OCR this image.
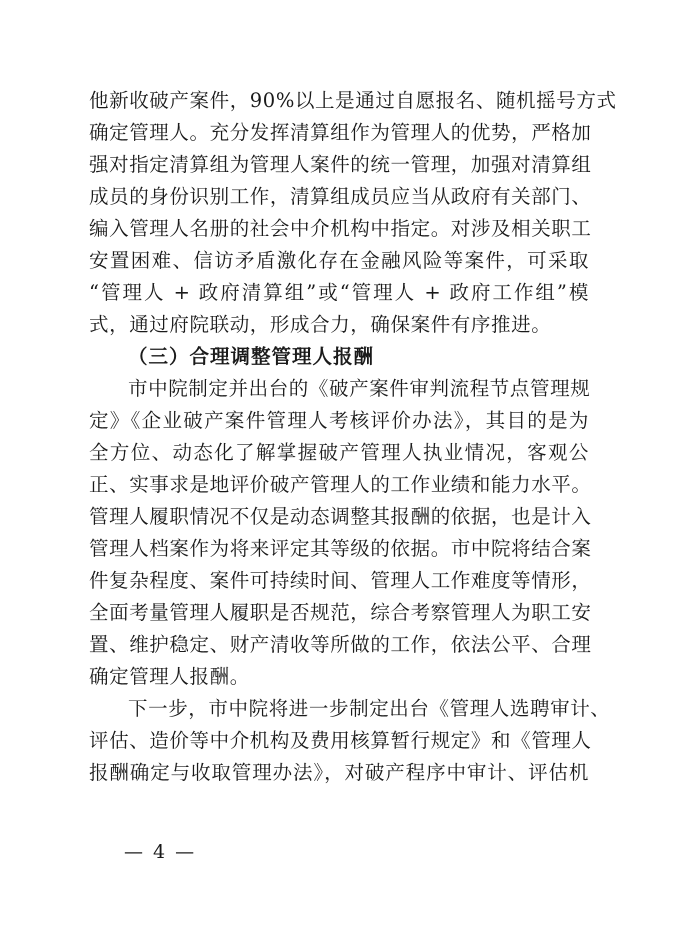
他新收破产案件，90%以上是通过自愿报名、随机摇号方式
确定管理人。充分发挥清算组作为管理人的优势，严格加
强对指定清算组为管理人案件的统一管理，加强对清算组
成员的身份识别工作，清算组成员应当从政府有关部门、
编入管理人名册的社会中介机构中指定。对涉及相关职工
安置困难、信访矛盾激化存在金融风险等案件，可采取
“管理人 + 政府清算组”或“管理人 + 政府工作组”模
式，通过府院联动，形成合力，确保案件有序推进。
（三）合理调整管理人报酬
市中院制定并出台的《破产案件审判流程节点管理规
定》《企业破产案件管理人考核评价办法》，其目的是为
全方位、动态化了解掌握破产管理人执业情况，客观公
正、实事求是地评价破产管理人的工作业绩和能力水平。
管理人履职情况不仅是动态调整其报酬的依据，也是计入
管理人档案作为将来评定其等级的依据。市中院将结合案
件复杂程度、案件可持续时间、管理人工作难度等情形，
全面考量管理人履职是否规范，综合考察管理人为职工安
置、维护稳定、财产清收等所做的工作，依法公平、合理
确定管理人报酬。
下一步，市中院将进一步制定出台《管理人选聘审计、
评估、造价等中介机构及费用核算暂行规定》和《管理人
报酬确定与收取管理办法》，对破产程序中审计、评估机
— 4 —
